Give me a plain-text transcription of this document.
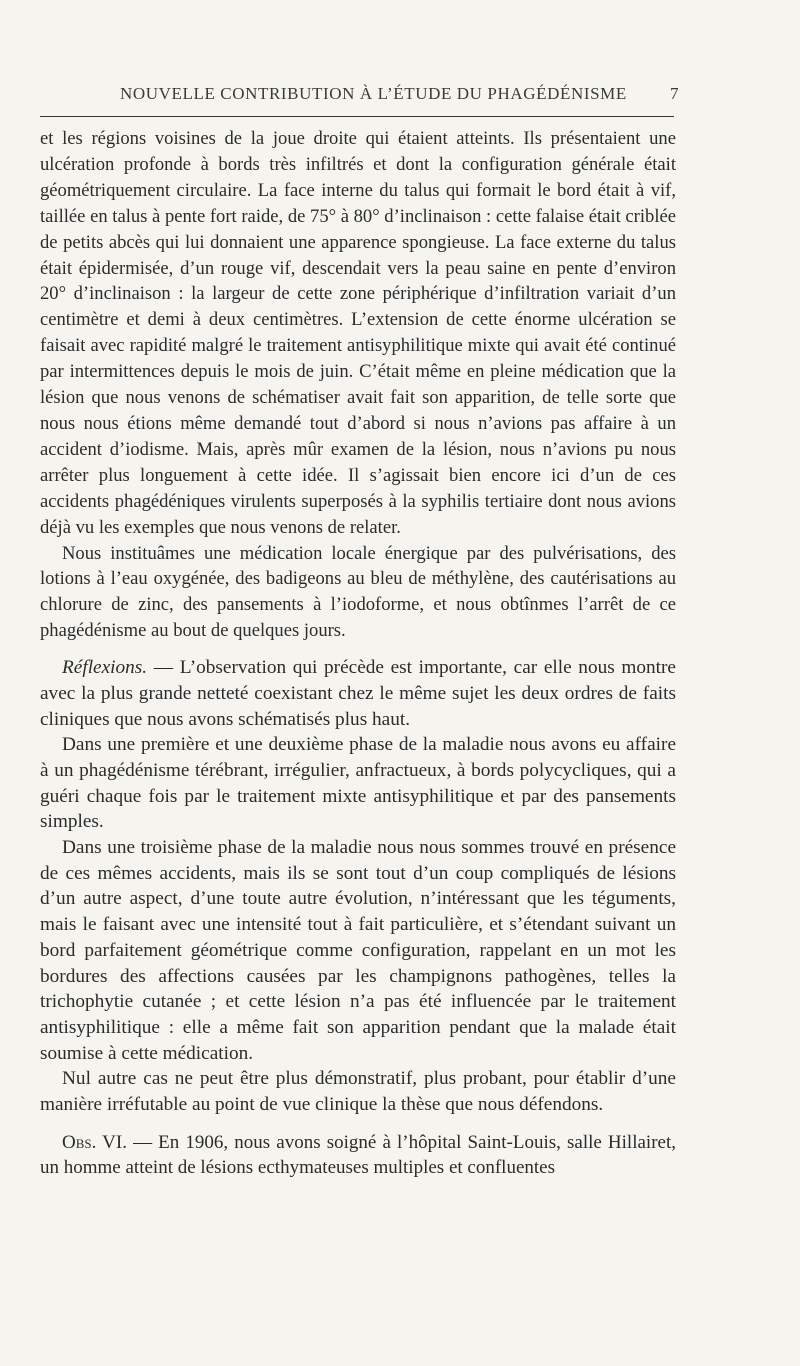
NOUVELLE CONTRIBUTION À L’ÉTUDE DU PHAGÉDÉNISME	7

et les régions voisines de la joue droite qui étaient atteints. Ils présentaient une ulcération profonde à bords très infiltrés et dont la configuration générale était géométriquement circulaire. La face interne du talus qui formait le bord était à vif, taillée en talus à pente fort raide, de 75° à 80° d’inclinaison : cette falaise était criblée de petits abcès qui lui donnaient une apparence spongieuse. La face externe du talus était épidermisée, d’un rouge vif, descendait vers la peau saine en pente d’environ 20° d’inclinaison : la largeur de cette zone périphérique d’infiltration variait d’un centimètre et demi à deux centimètres. L’extension de cette énorme ulcération se faisait avec rapidité malgré le traitement antisyphilitique mixte qui avait été continué par intermittences depuis le mois de juin. C’était même en pleine médication que la lésion que nous venons de schématiser avait fait son apparition, de telle sorte que nous nous étions même demandé tout d’abord si nous n’avions pas affaire à un accident d’iodisme. Mais, après mûr examen de la lésion, nous n’avions pu nous arrêter plus longuement à cette idée. Il s’agissait bien encore ici d’un de ces accidents phagédéniques virulents superposés à la syphilis tertiaire dont nous avions déjà vu les exemples que nous venons de relater.

Nous instituâmes une médication locale énergique par des pulvérisations, des lotions à l’eau oxygénée, des badigeons au bleu de méthylène, des cautérisations au chlorure de zinc, des pansements à l’iodoforme, et nous obtînmes l’arrêt de ce phagédénisme au bout de quelques jours.

Réflexions. — L’observation qui précède est importante, car elle nous montre avec la plus grande netteté coexistant chez le même sujet les deux ordres de faits cliniques que nous avons schématisés plus haut.

Dans une première et une deuxième phase de la maladie nous avons eu affaire à un phagédénisme térébrant, irrégulier, anfractueux, à bords polycycliques, qui a guéri chaque fois par le traitement mixte antisyphilitique et par des pansements simples.

Dans une troisième phase de la maladie nous nous sommes trouvé en présence de ces mêmes accidents, mais ils se sont tout d’un coup compliqués de lésions d’un autre aspect, d’une toute autre évolution, n’intéressant que les téguments, mais le faisant avec une intensité tout à fait particulière, et s’étendant suivant un bord parfaitement géométrique comme configuration, rappelant en un mot les bordures des affections causées par les champignons pathogènes, telles la trichophytie cutanée ; et cette lésion n’a pas été influencée par le traitement antisyphilitique : elle a même fait son apparition pendant que la malade était soumise à cette médication.

Nul autre cas ne peut être plus démonstratif, plus probant, pour établir d’une manière irréfutable au point de vue clinique la thèse que nous défendons.

Obs. VI. — En 1906, nous avons soigné à l’hôpital Saint-Louis, salle Hillairet, un homme atteint de lésions ecthymateuses multiples et confluentes
